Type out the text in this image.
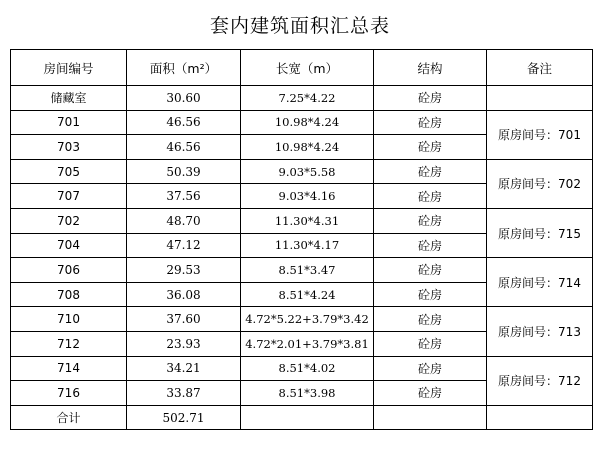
套内建筑面积汇总表
房间编号	面积（m²）	长宽（m）	结构	备注
储藏室	30.60	7.25*4.22	砼房	
701	46.56	10.98*4.24	砼房	原房间号：701
703	46.56	10.98*4.24	砼房	
705	50.39	9.03*5.58	砼房	原房间号：702
707	37.56	9.03*4.16	砼房	
702	48.70	11.30*4.31	砼房	原房间号：715
704	47.12	11.30*4.17	砼房	
706	29.53	8.51*3.47	砼房	原房间号：714
708	36.08	8.51*4.24	砼房	
710	37.60	4.72*5.22+3.79*3.42	砼房	原房间号：713
712	23.93	4.72*2.01+3.79*3.81	砼房	
714	34.21	8.51*4.02	砼房	原房间号：712
716	33.87	8.51*3.98	砼房	
合计	502.71			
